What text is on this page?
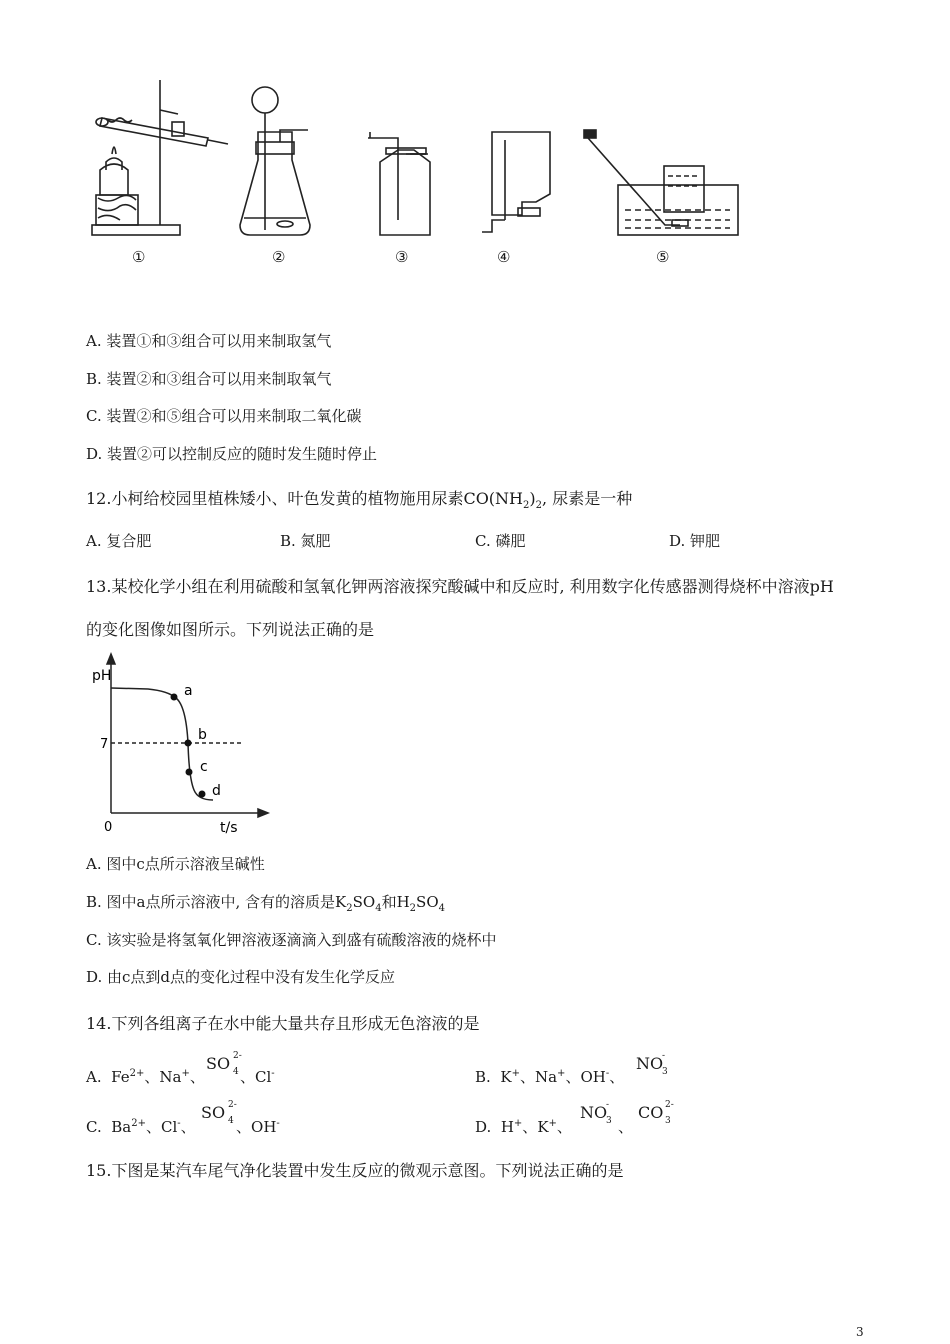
①	②	③	④	⑤
A. 装置①和③组合可以用来制取氢气
B. 装置②和③组合可以用来制取氧气
C. 装置②和⑤组合可以用来制取二氧化碳
D. 装置②可以控制反应的随时发生随时停止
12.小柯给校园里植株矮小、叶色发黄的植物施用尿素$CO(NH_2)_2$, 尿素是一种
A. 复合肥	B. 氮肥	C. 磷肥	D. 钾肥
13.某校化学小组在利用硫酸和氢氧化钾两溶液探究酸碱中和反应时, 利用数字化传感器测得烧杯中溶液pH
的变化图像如图所示。下列说法正确的是
pH
7
0	t/s
a
b
c
d
A. 图中c点所示溶液呈碱性
B. 图中a点所示溶液中, 含有的溶质是$K_2SO_4$和$H_2SO_4$
C. 该实验是将氢氧化钾溶液逐滴滴入到盛有硫酸溶液的烧杯中
D. 由c点到d点的变化过程中没有发生化学反应
14.下列各组离子在水中能大量共存且形成无色溶液的是
A. $Fe^{2+}$、Na+、
SO 2-
4 、Cl-	B. K+、Na+、OH-、
NO
-
3
C. $Ba^{2+}$、Cl-、
SO 2-
4 、OH-	D. H+、K+、
NO
-
3 、
CO 2-
3
15.下图是某汽车尾气净化装置中发生反应的微观示意图。下列说法正确的是
3
